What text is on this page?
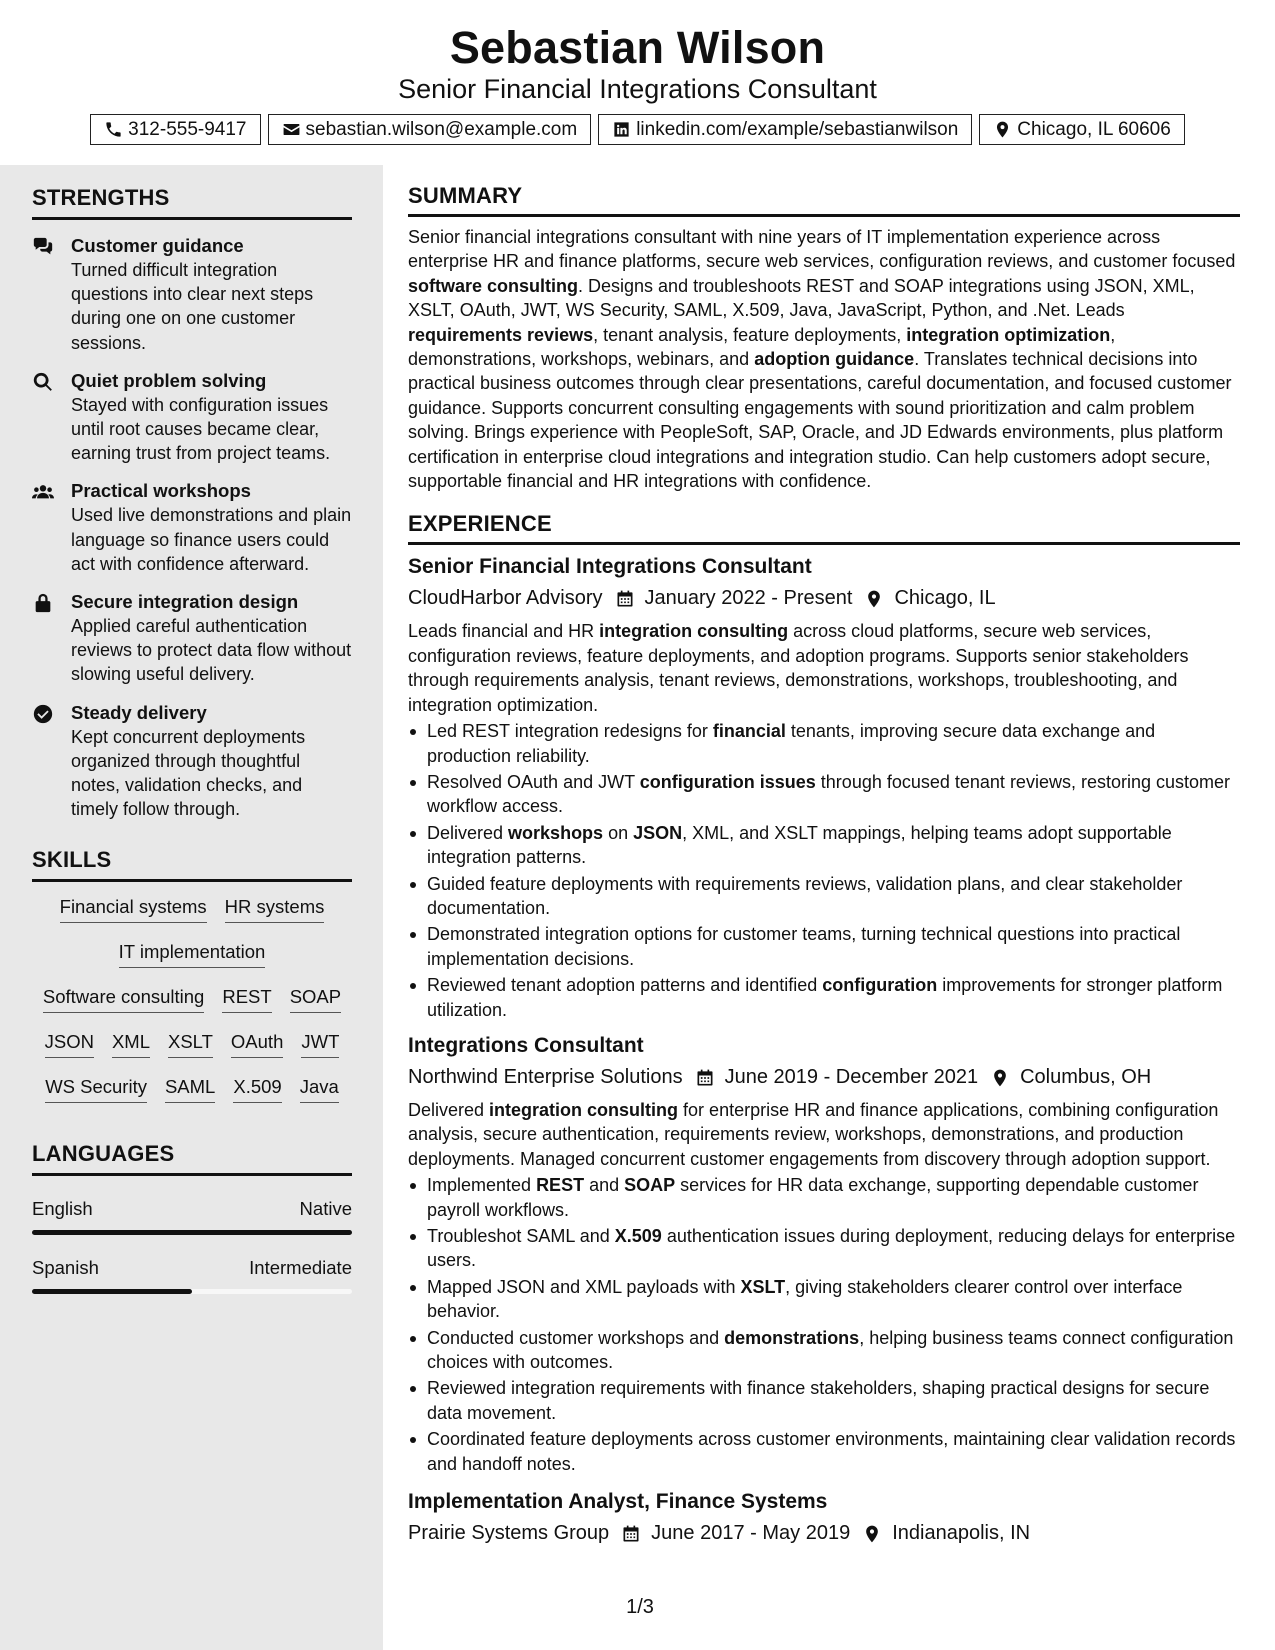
Sebastian Wilson
Senior Financial Integrations Consultant
312-555-9417	sebastian.wilson@example.com	linkedin.com/example/sebastianwilson	Chicago, IL 60606
STRENGTHS
Customer guidance
Turned difficult integration questions into clear next steps during one on one customer sessions.
Quiet problem solving
Stayed with configuration issues until root causes became clear, earning trust from project teams.
Practical workshops
Used live demonstrations and plain language so finance users could act with confidence afterward.
Secure integration design
Applied careful authentication reviews to protect data flow without slowing useful delivery.
Steady delivery
Kept concurrent deployments organized through thoughtful notes, validation checks, and timely follow through.
SKILLS
Financial systems HR systems
IT implementation
Software consulting REST SOAP
JSON XML XSLT OAuth JWT
WS Security SAML X.509 Java
LANGUAGES
English	Native
Spanish	Intermediate
SUMMARY
Senior financial integrations consultant with nine years of IT implementation experience across enterprise HR and finance platforms, secure web services, configuration reviews, and customer focused software consulting. Designs and troubleshoots REST and SOAP integrations using JSON, XML, XSLT, OAuth, JWT, WS Security, SAML, X.509, Java, JavaScript, Python, and .Net. Leads requirements reviews, tenant analysis, feature deployments, integration optimization, demonstrations, workshops, webinars, and adoption guidance. Translates technical decisions into practical business outcomes through clear presentations, careful documentation, and focused customer guidance. Supports concurrent consulting engagements with sound prioritization and calm problem solving. Brings experience with PeopleSoft, SAP, Oracle, and JD Edwards environments, plus platform certification in enterprise cloud integrations and integration studio. Can help customers adopt secure, supportable financial and HR integrations with confidence.
EXPERIENCE
Senior Financial Integrations Consultant
CloudHarbor Advisory January 2022 - Present Chicago, IL
Leads financial and HR integration consulting across cloud platforms, secure web services, configuration reviews, feature deployments, and adoption programs. Supports senior stakeholders through requirements analysis, tenant reviews, demonstrations, workshops, troubleshooting, and integration optimization.
Led REST integration redesigns for financial tenants, improving secure data exchange and production reliability.
Resolved OAuth and JWT configuration issues through focused tenant reviews, restoring customer workflow access.
Delivered workshops on JSON, XML, and XSLT mappings, helping teams adopt supportable integration patterns.
Guided feature deployments with requirements reviews, validation plans, and clear stakeholder documentation.
Demonstrated integration options for customer teams, turning technical questions into practical implementation decisions.
Reviewed tenant adoption patterns and identified configuration improvements for stronger platform utilization.
Integrations Consultant
Northwind Enterprise Solutions June 2019 - December 2021 Columbus, OH
Delivered integration consulting for enterprise HR and finance applications, combining configuration analysis, secure authentication, requirements review, workshops, demonstrations, and production deployments. Managed concurrent customer engagements from discovery through adoption support.
Implemented REST and SOAP services for HR data exchange, supporting dependable customer payroll workflows.
Troubleshot SAML and X.509 authentication issues during deployment, reducing delays for enterprise users.
Mapped JSON and XML payloads with XSLT, giving stakeholders clearer control over interface behavior.
Conducted customer workshops and demonstrations, helping business teams connect configuration choices with outcomes.
Reviewed integration requirements with finance stakeholders, shaping practical designs for secure data movement.
Coordinated feature deployments across customer environments, maintaining clear validation records and handoff notes.
Implementation Analyst, Finance Systems
Prairie Systems Group June 2017 - May 2019 Indianapolis, IN
1/3
